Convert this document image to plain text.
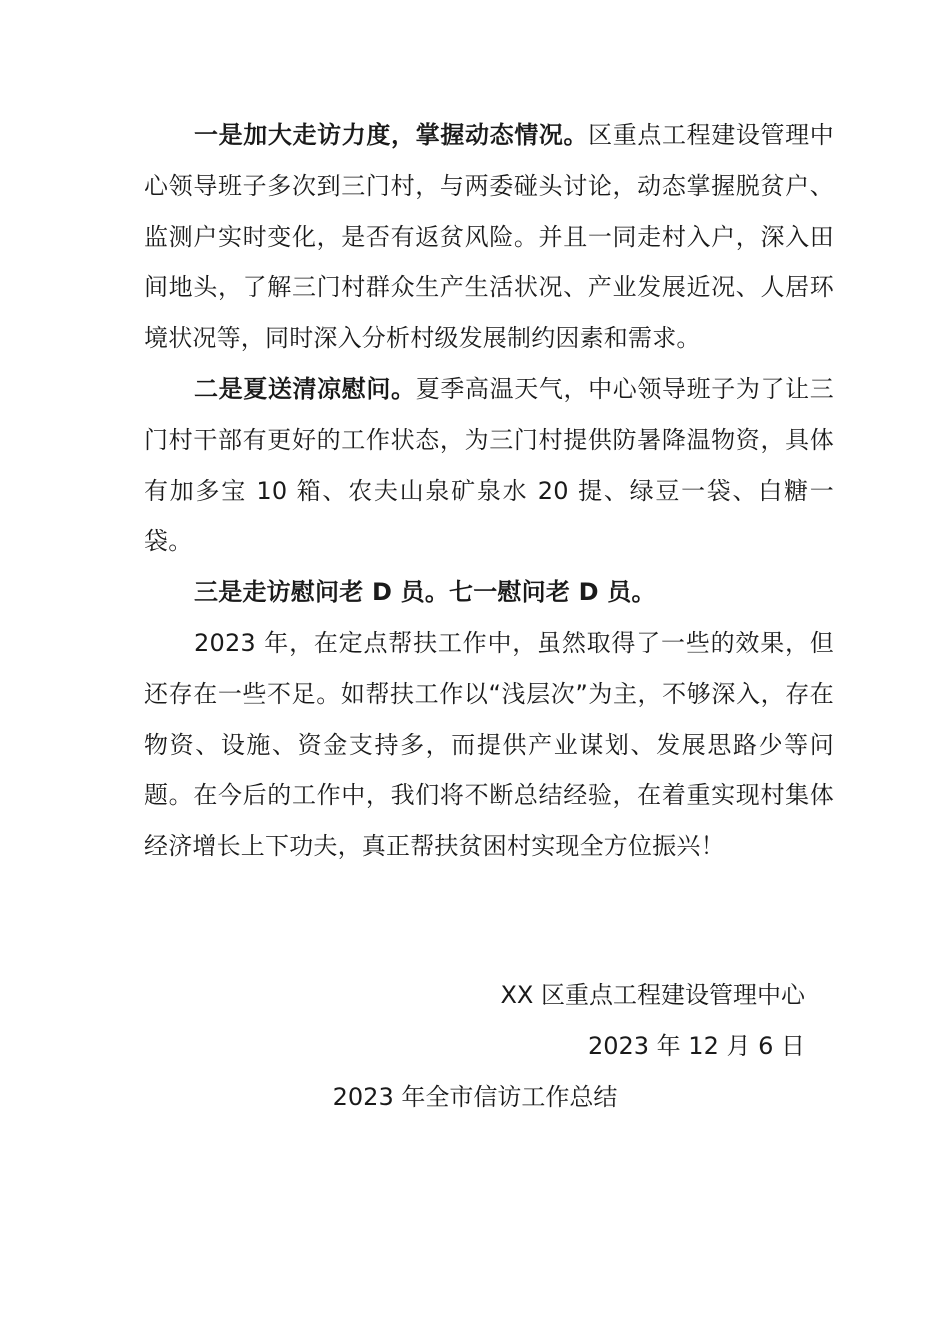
一是加大走访力度，掌握动态情况。区重点工程建设管理中心领导班子多次到三门村，与两委碰头讨论，动态掌握脱贫户、监测户实时变化，是否有返贫风险。并且一同走村入户，深入田间地头，了解三门村群众生产生活状况、产业发展近况、人居环境状况等，同时深入分析村级发展制约因素和需求。

二是夏送清凉慰问。夏季高温天气，中心领导班子为了让三门村干部有更好的工作状态，为三门村提供防暑降温物资，具体有加多宝 10 箱、农夫山泉矿泉水 20 提、绿豆一袋、白糖一袋。

三是走访慰问老 D 员。七一慰问老 D 员。

2023 年，在定点帮扶工作中，虽然取得了一些的效果，但还存在一些不足。如帮扶工作以“浅层次”为主，不够深入，存在物资、设施、资金支持多，而提供产业谋划、发展思路少等问题。在今后的工作中，我们将不断总结经验，在着重实现村集体经济增长上下功夫，真正帮扶贫困村实现全方位振兴！

XX 区重点工程建设管理中心
2023 年 12 月 6 日
2023 年全市信访工作总结
